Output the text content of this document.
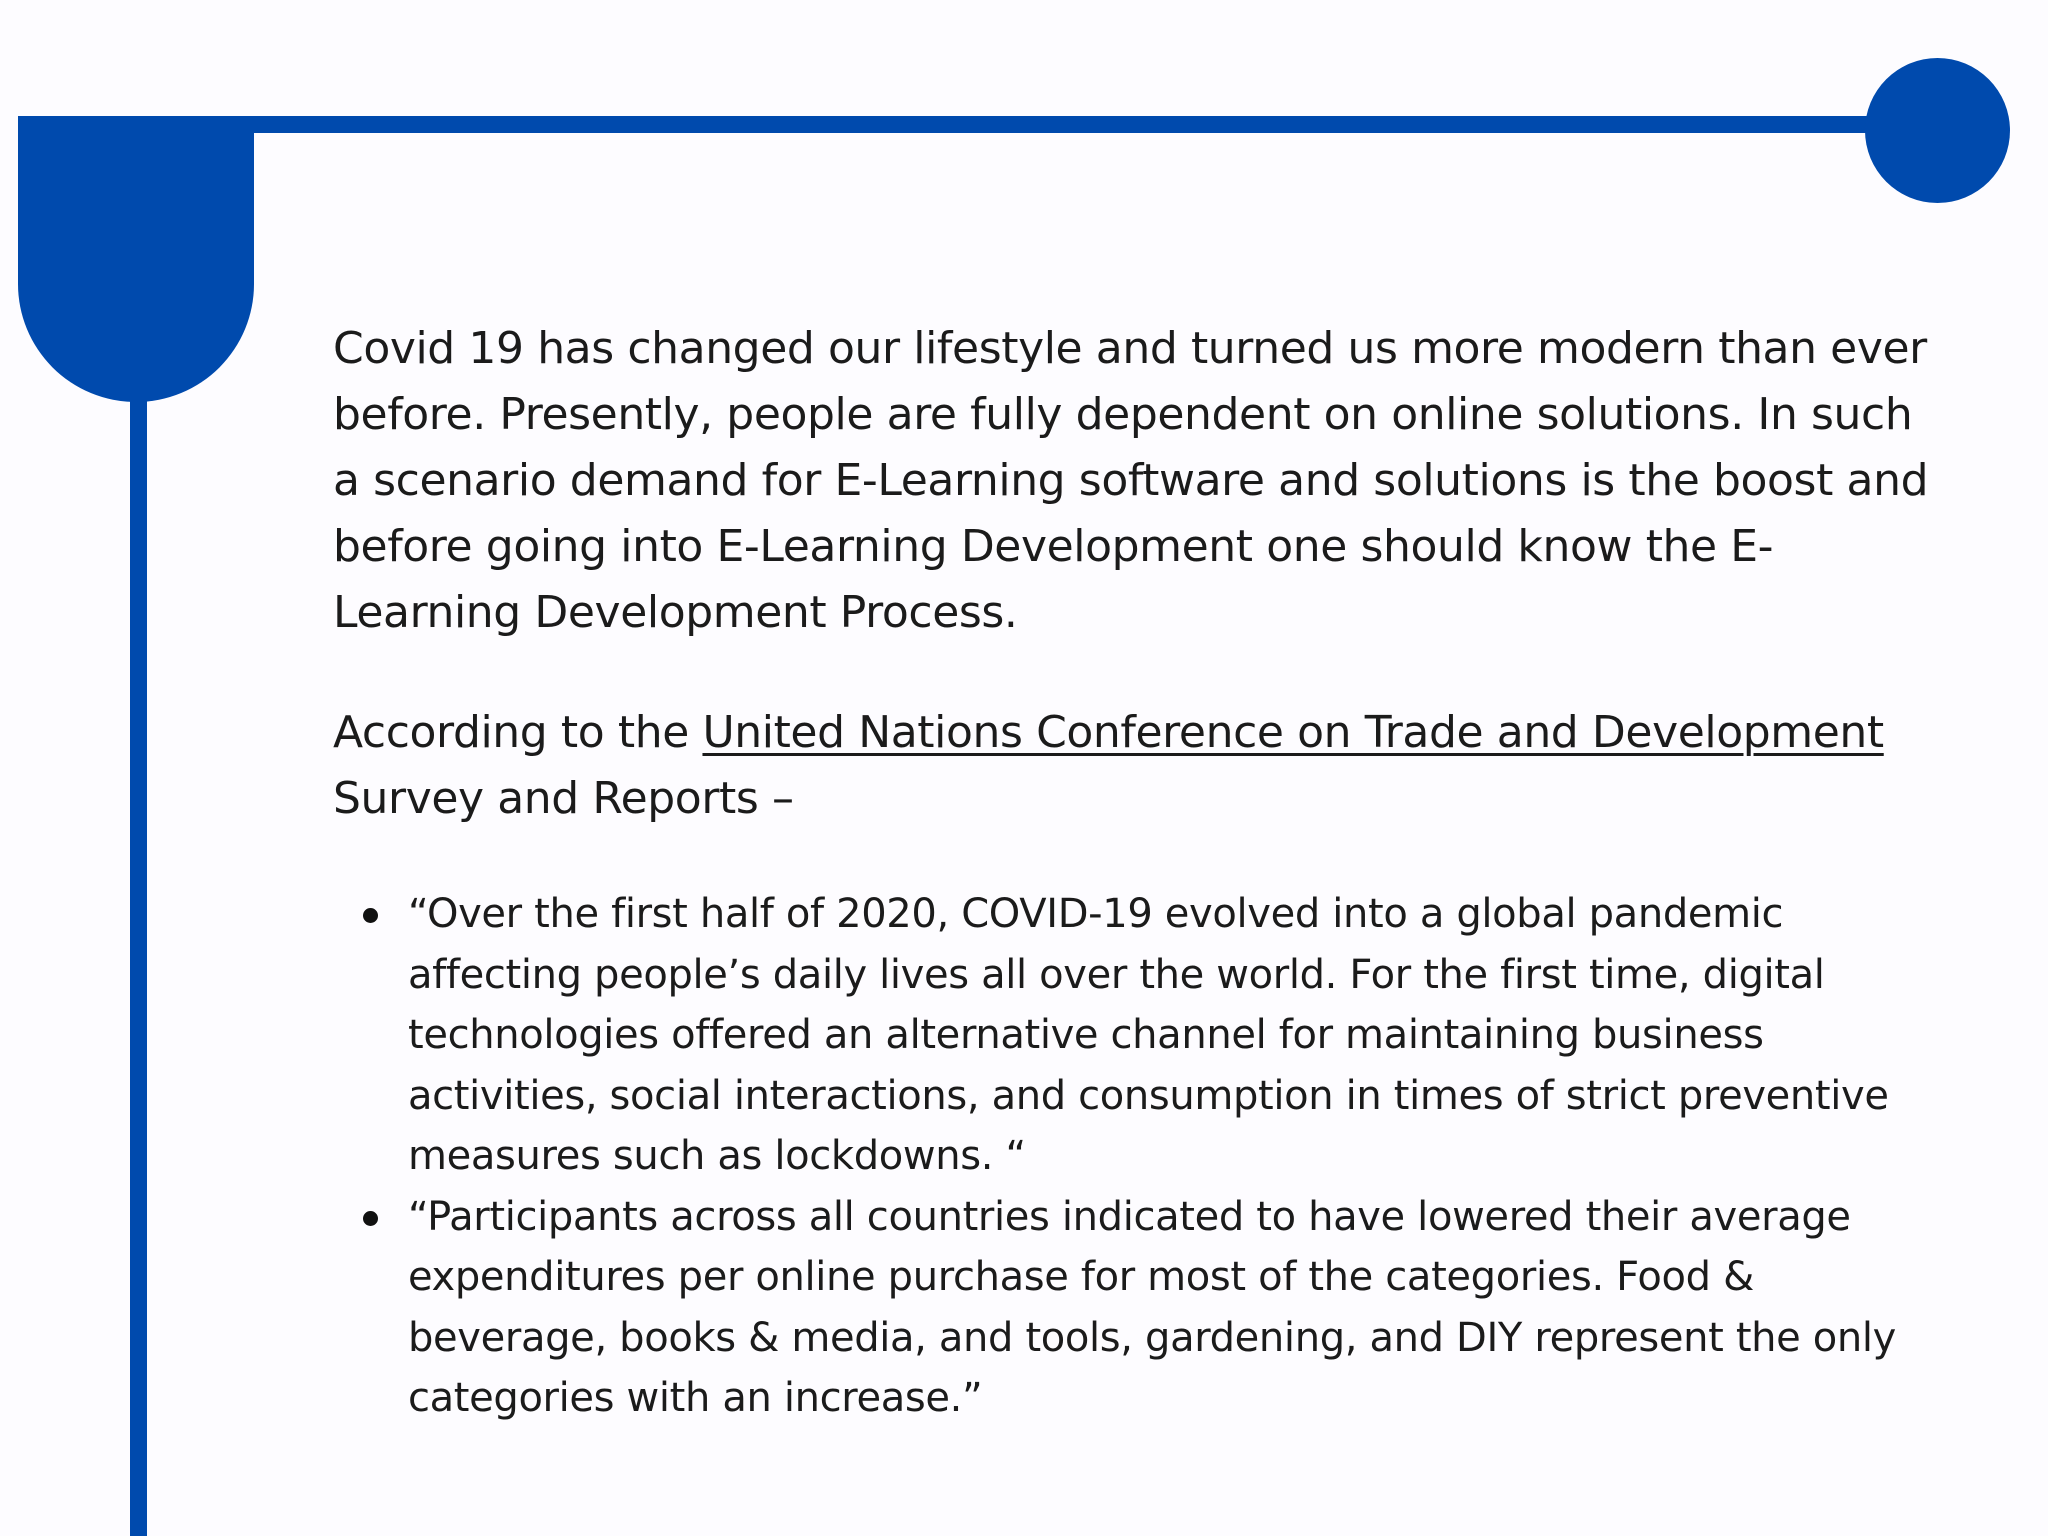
Covid 19 has changed our lifestyle and turned us more modern than ever before. Presently, people are fully dependent on online solutions. In such a scenario demand for E-Learning software and solutions is the boost and before going into E-Learning Development one should know the E-Learning Development Process.

According to the United Nations Conference on Trade and Development Survey and Reports –

“Over the first half of 2020, COVID-19 evolved into a global pandemic affecting people’s daily lives all over the world. For the first time, digital technologies offered an alternative channel for maintaining business activities, social interactions, and consumption in times of strict preventive measures such as lockdowns. “
“Participants across all countries indicated to have lowered their average expenditures per online purchase for most of the categories. Food & beverage, books & media, and tools, gardening, and DIY represent the only categories with an increase.”
